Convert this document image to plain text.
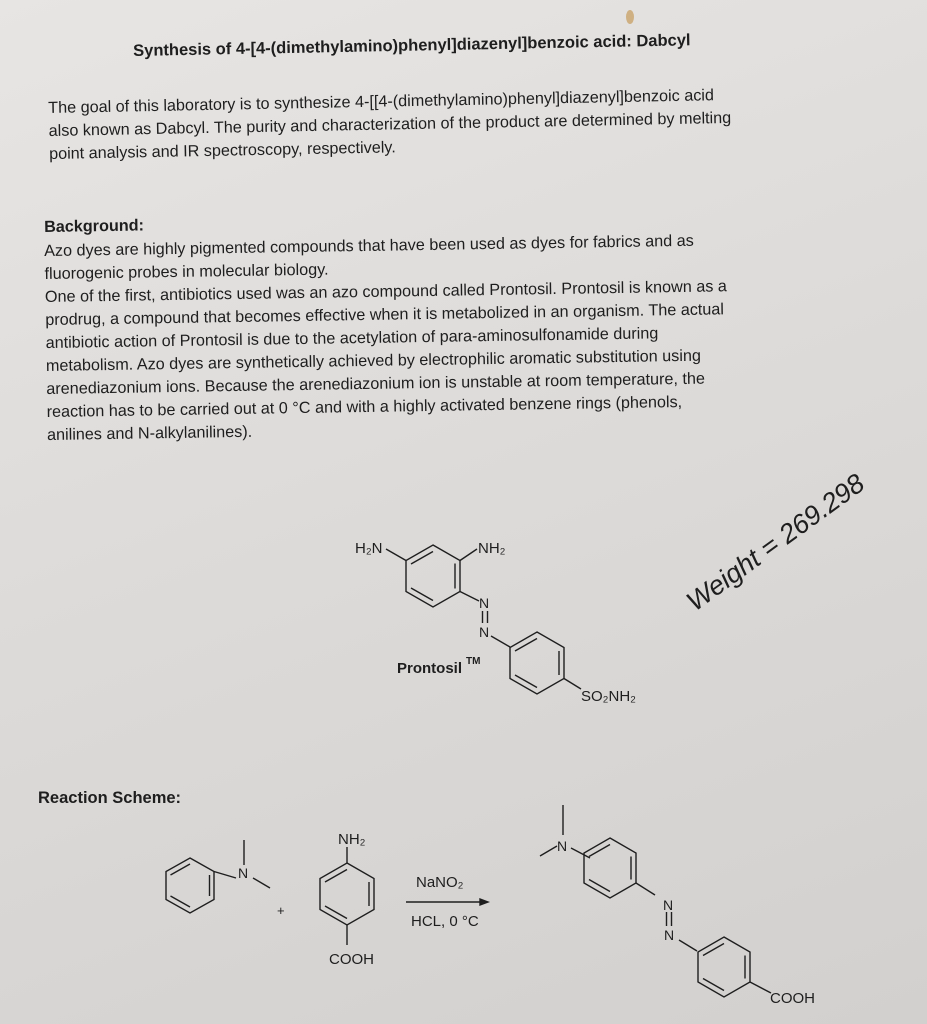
Synthesis of 4-[4-(dimethylamino)phenyl]diazenyl]benzoic acid: Dabcyl
The goal of this laboratory is to synthesize 4-[[4-(dimethylamino)phenyl]diazenyl]benzoic acid
also known as Dabcyl. The purity and characterization of the product are determined by melting
point analysis and IR spectroscopy, respectively.
Background:
Azo dyes are highly pigmented compounds that have been used as dyes for fabrics and as
fluorogenic probes in molecular biology.
One of the first, antibiotics used was an azo compound called Prontosil. Prontosil is known as a
prodrug, a compound that becomes effective when it is metabolized in an organism. The actual
antibiotic action of Prontosil is due to the acetylation of para-aminosulfonamide during
metabolism. Azo dyes are synthetically achieved by electrophilic aromatic substitution using
arenediazonium ions. Because the arenediazonium ion is unstable at room temperature, the
reaction has to be carried out at 0 °C and with a highly activated benzene rings (phenols,
anilines and N-alkylanilines).
H₂N	NH₂
N
N
Prontosil TM
SO₂NH₂
Weight = 269.298
N
+
NH₂
COOH
NaNO₂
HCL, 0 °C
N
N
N
COOH
Reaction Scheme:
